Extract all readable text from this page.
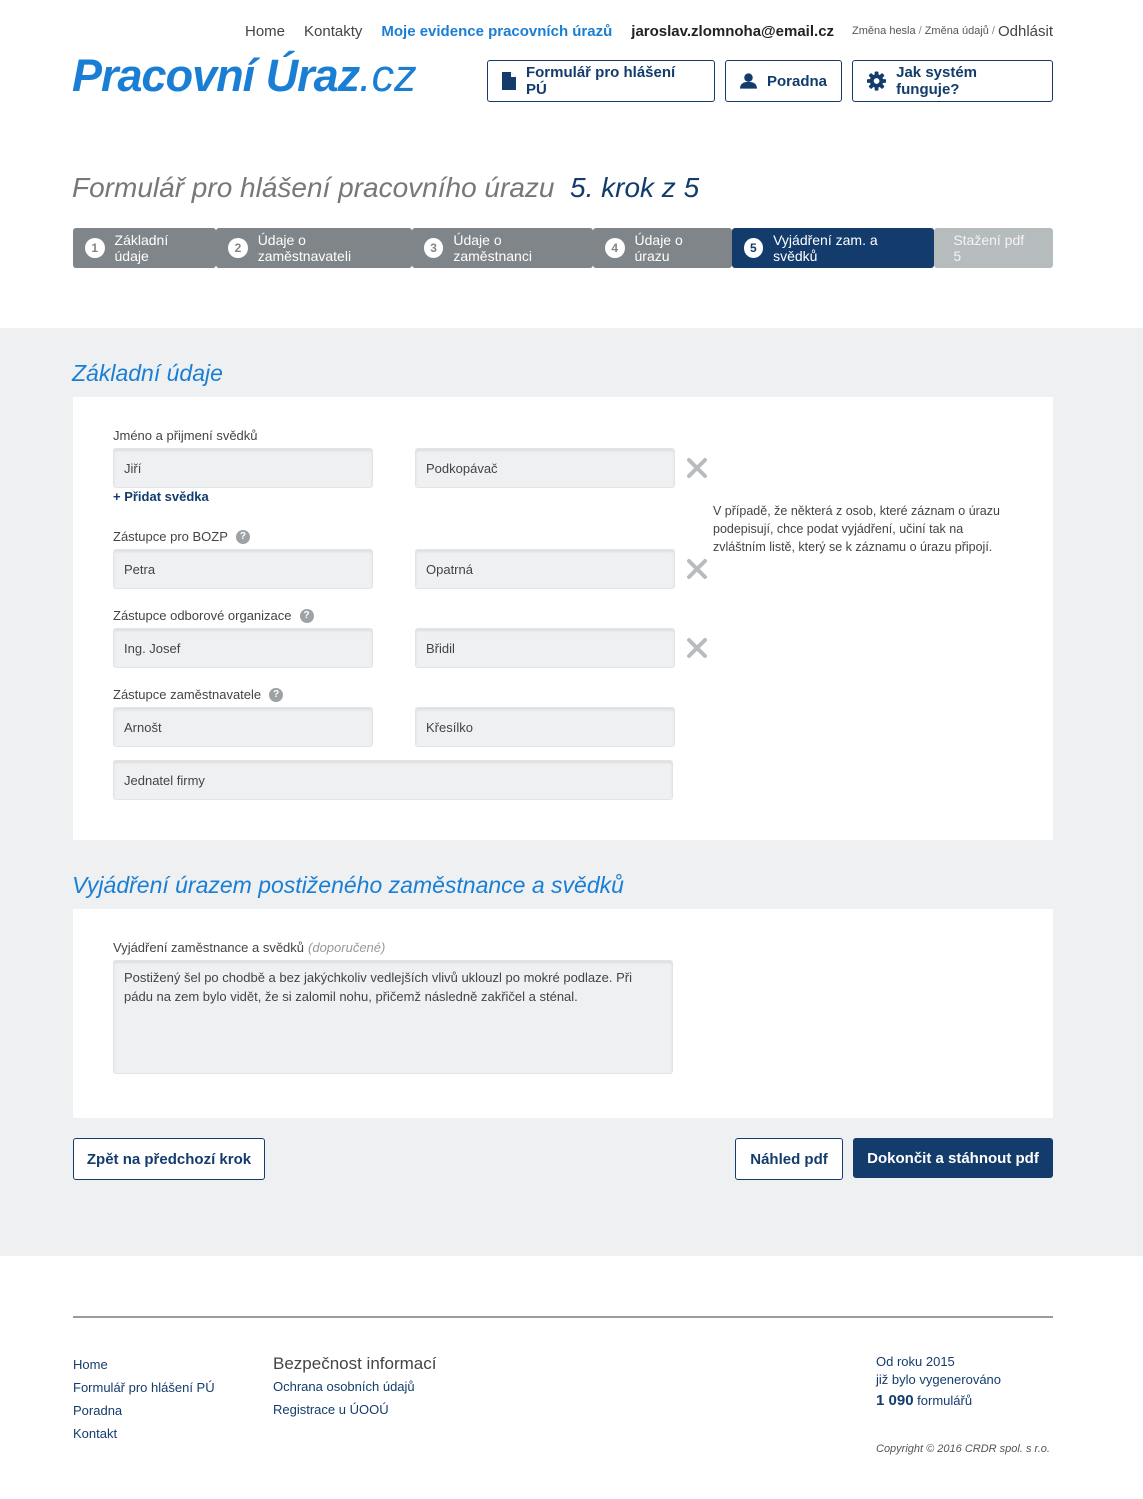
Home Kontakty Moje evidence pracovních úrazů jaroslav.zlomnoha@email.cz Změna hesla / Změna údajů / Odhlásit
Pracovní Úraz.cz	Formulář pro hlášení PÚ	Poradna	Jak systém funguje?
Formulář pro hlášení pracovního úrazu 5. krok z 5
1	Základní údaje	2	Údaje o zaměstnavateli	3	Údaje o zaměstnanci	4	Údaje o úrazu	5	Vyjádření zam. a svědků
Stažení pdf 5
Základní údaje
Jméno a přijmení svědků
Jiří	Podkopávač
+ Přidat svědka
V případě, že některá z osob, které záznam o úrazu podepisují, chce podat vyjádření, učiní tak na zvláštním listě, který se k záznamu o úrazu připojí.
Zástupce pro BOZP	?
Petra	Opatrná
Zástupce odborové organizace	?
Ing. Josef	Břidil
Zástupce zaměstnavatele	?
Arnošt	Křesílko
Jednatel firmy
Vyjádření úrazem postiženého zaměstnance a svědků
Vyjádření zaměstnance a svědků (doporučené)
Postižený šel po chodbě a bez jakýchkoliv vedlejších vlivů uklouzl po mokré podlaze. Při pádu na zem bylo vidět, že si zalomil nohu, přičemž následně zakřičel a sténal.
Zpět na předchozí krok	Náhled pdf	Dokončit a stáhnout pdf
Home
Formulář pro hlášení PÚ
Poradna
Kontakt
Bezpečnost informací
Ochrana osobních údajů
Registrace u ÚOOÚ
Od roku 2015
již bylo vygenerováno
1 090 formulářů
Copyright © 2016 CRDR spol. s r.o.
